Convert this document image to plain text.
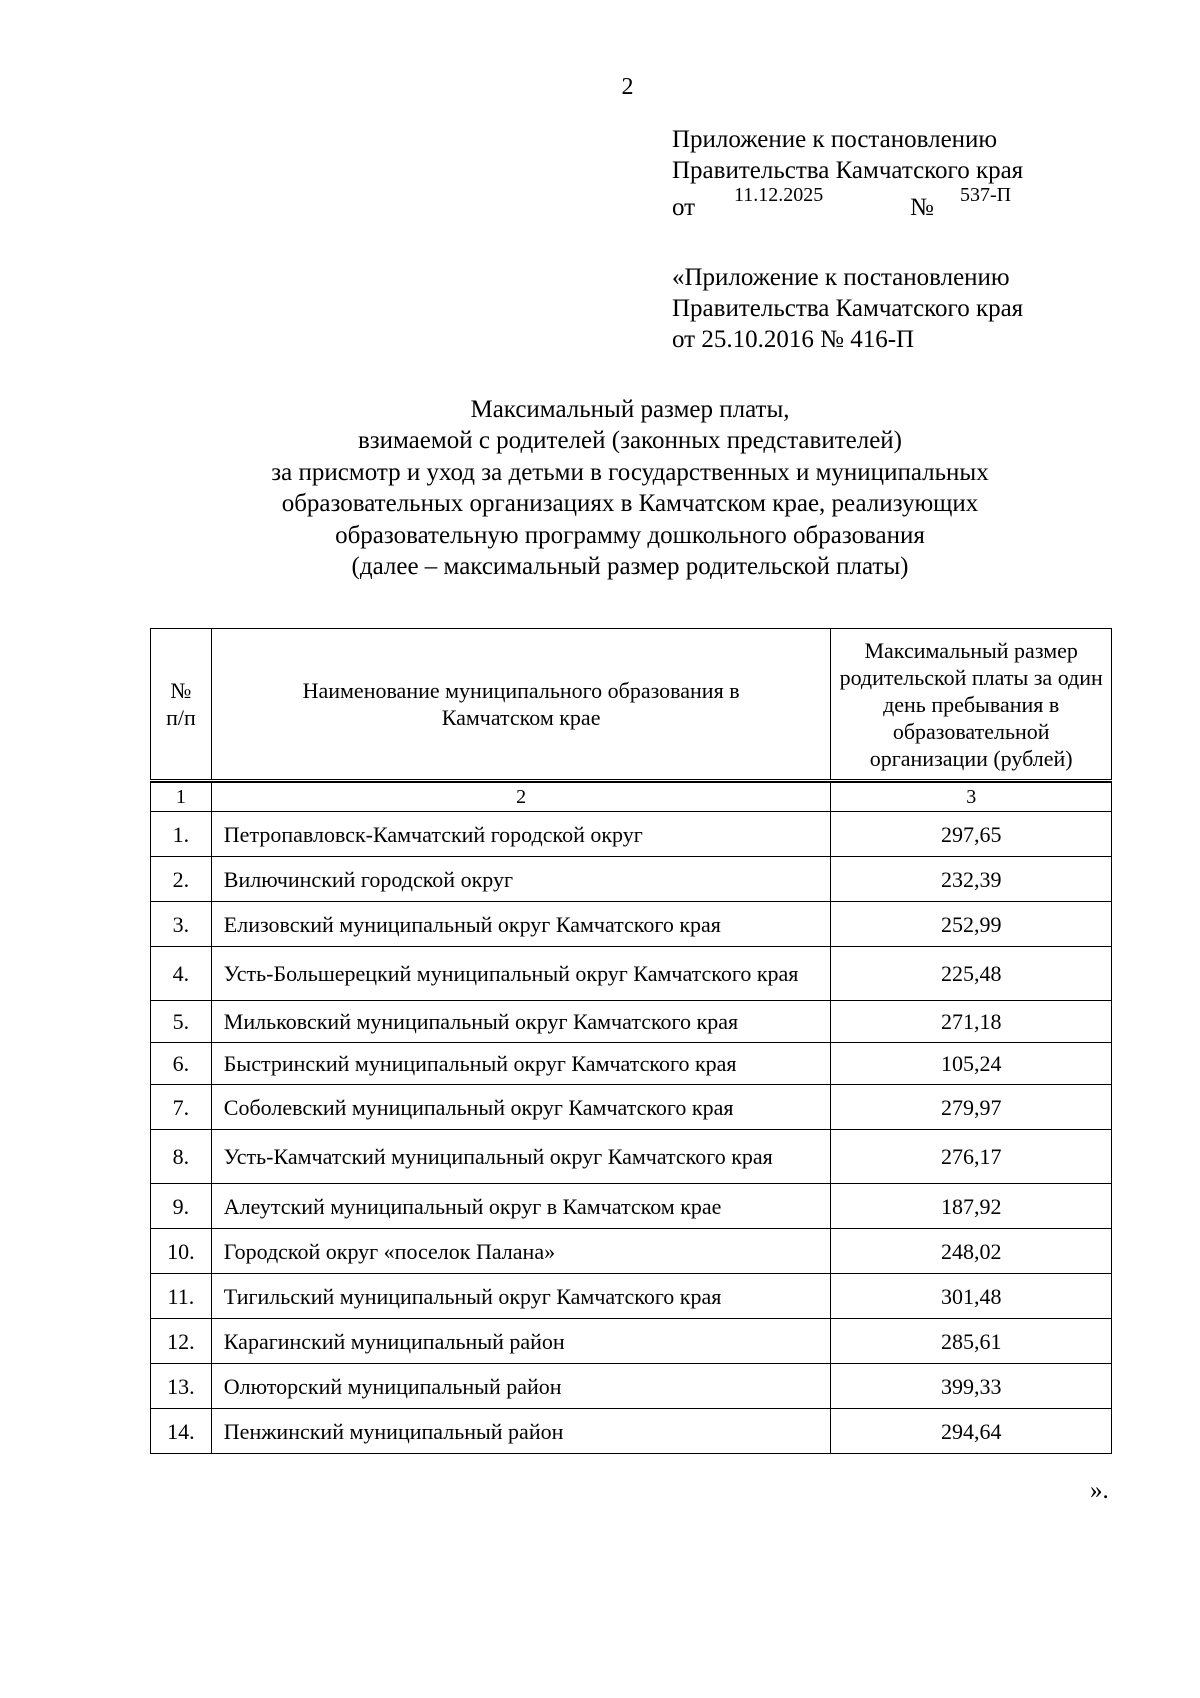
2
Приложение к постановлению
Правительства Камчатского края
от 11.12.2025	№ 537-П
«Приложение к постановлению
Правительства Камчатского края
от 25.10.2016 № 416-П
Максимальный размер платы,
взимаемой с родителей (законных представителей)
за присмотр и уход за детьми в государственных и муниципальных
образовательных организациях в Камчатском крае, реализующих
образовательную программу дошкольного образования
(далее – максимальный размер родительской платы)
№ п/п	Наименование муниципального образования в Камчатском крае	Максимальный размер родительской платы за один день пребывания в образовательной организации (рублей)

1	2	3
1.	Петропавловск-Камчатский городской округ	297,65
2.	Вилючинский городской округ	232,39
3.	Елизовский муниципальный округ Камчатского края	252,99
4.	Усть-Большерецкий муниципальный округ Камчатского края	225,48
5.	Мильковский муниципальный округ Камчатского края	271,18
6.	Быстринский муниципальный округ Камчатского края	105,24
7.	Соболевский муниципальный округ Камчатского края	279,97
8.	Усть-Камчатский муниципальный округ Камчатского края	276,17
9.	Алеутский муниципальный округ в Камчатском крае	187,92
10.	Городской округ «поселок Палана»	248,02
11.	Тигильский муниципальный округ Камчатского края	301,48
12.	Карагинский муниципальный район	285,61
13.	Олюторский муниципальный район	399,33
14.	Пенжинский муниципальный район	294,64
».
